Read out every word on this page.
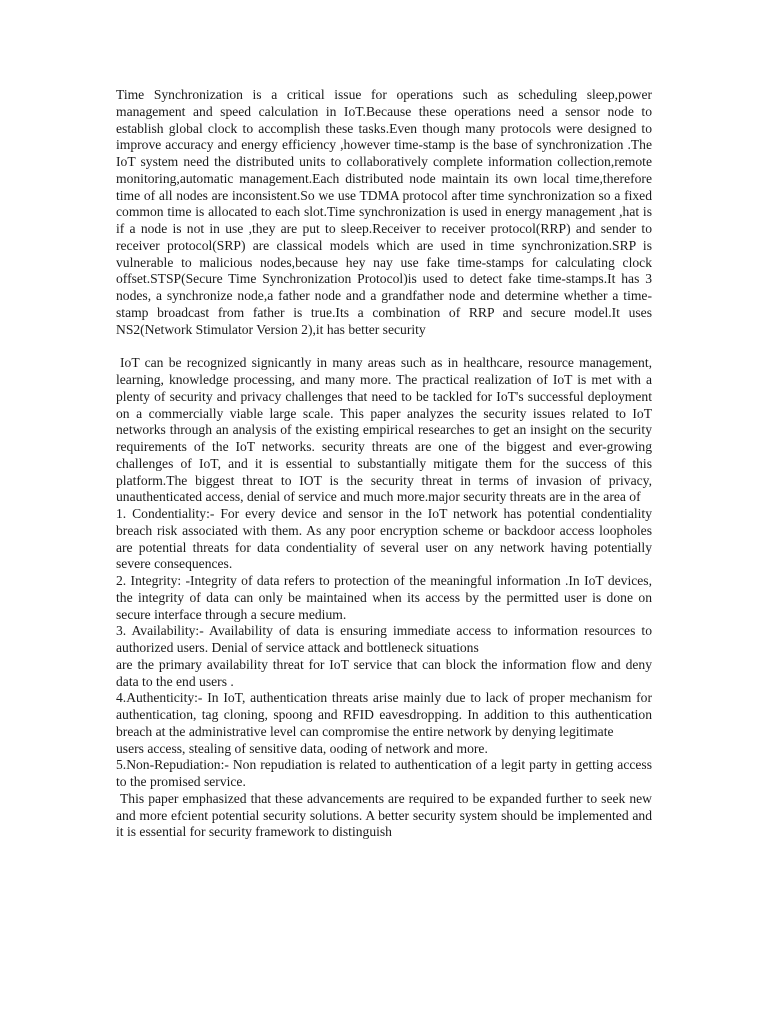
Time Synchronization is a critical issue for operations such as scheduling sleep,power management and speed calculation in IoT.Because these operations need a sensor node to establish global clock to accomplish these tasks.Even though many protocols were designed to improve accuracy and energy efficiency ,however time-stamp is the base of synchronization .The IoT system need the distributed units to collaboratively complete information collection,remote monitoring,automatic management.Each distributed node maintain its own local time,therefore time of all nodes are inconsistent.So we use TDMA protocol after time synchronization so a fixed common time is allocated to each slot.Time synchronization is used in energy management ,hat is if a node is not in use ,they are put to sleep.Receiver to receiver protocol(RRP) and sender to receiver protocol(SRP) are classical models which are used in time synchronization.SRP is vulnerable to malicious nodes,because hey nay use fake time-stamps for calculating clock offset.STSP(Secure Time Synchronization Protocol)is used to detect fake time-stamps.It has 3 nodes, a synchronize node,a father node and a grandfather node and determine whether a time-stamp broadcast from father is true.Its a combination of RRP and secure model.It uses NS2(Network Stimulator Version 2),it has better security

IoT can be recognized signicantly in many areas such as in healthcare, resource management, learning, knowledge processing, and many more. The practical realization of IoT is met with a plenty of security and privacy challenges that need to be tackled for IoT's successful deployment on a commercially viable large scale. This paper analyzes the security issues related to IoT networks through an analysis of the existing empirical researches to get an insight on the security requirements of the IoT networks. security threats are one of the biggest and ever-growing challenges of IoT, and it is essential to substantially mitigate them for the success of this platform.The biggest threat to IOT is the security threat in terms of invasion of privacy, unauthenticated access, denial of service and much more.major security threats are in the area of

1. Condentiality:- For every device and sensor in the IoT network has potential condentiality breach risk associated with them. As any poor encryption scheme or backdoor access loopholes are potential threats for data condentiality of several user on any network having potentially severe consequences.

2. Integrity: -Integrity of data refers to protection of the meaningful information .In IoT devices, the integrity of data can only be maintained when its access by the permitted user is done on secure interface through a secure medium.

3. Availability:- Availability of data is ensuring immediate access to information resources to authorized users. Denial of service attack and bottleneck situations

are the primary availability threat for IoT service that can block the information flow and deny data to the end users .

4.Authenticity:- In IoT, authentication threats arise mainly due to lack of proper mechanism for authentication, tag cloning, spoong and RFID eavesdropping. In addition to this authentication breach at the administrative level can compromise the entire network by denying legitimate

users access, stealing of sensitive data, ooding of network and more.

5.Non-Repudiation:- Non repudiation is related to authentication of a legit party in getting access to the promised service.

This paper emphasized that these advancements are required to be expanded further to seek new and more efcient potential security solutions. A better security system should be implemented and it is essential for security framework to distinguish
